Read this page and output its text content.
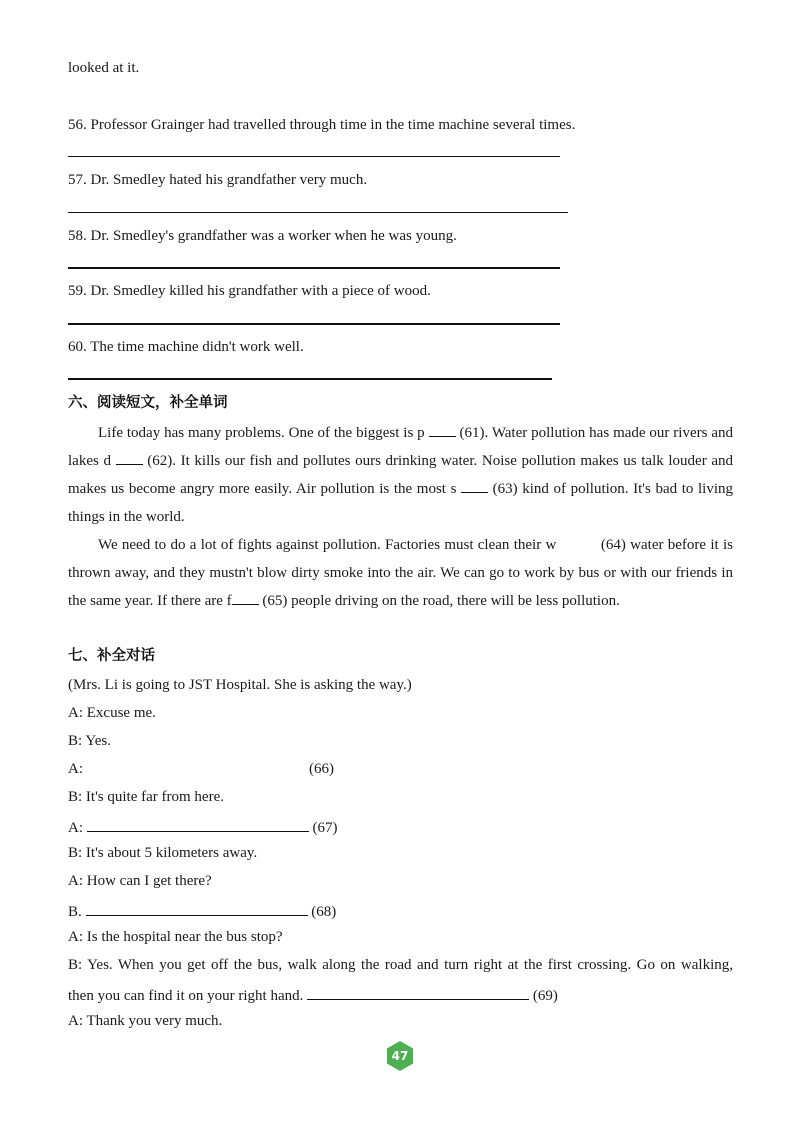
looked at it.
56. Professor Grainger had travelled through time in the time machine several times.
57. Dr. Smedley hated his grandfather very much.
58. Dr. Smedley's grandfather was a worker when he was young.
59. Dr. Smedley killed his grandfather with a piece of wood.
60. The time machine didn't work well.
六、阅读短文，补全单词

Life today has many problems. One of the biggest is p  (61). Water pollution has made our rivers and lakes d  (62). It kills our fish and pollutes ours drinking water. Noise pollution makes us talk louder and makes us become angry more easily. Air pollution is the most s  (63) kind of pollution. It's bad to living things in the world.

We need to do a lot of fights against pollution. Factories must clean their w	(64) water before it is thrown away, and they mustn't blow dirty smoke into the air. We can go to work by bus or with our friends in the same year. If there are f (65) people driving on the road, there will be less pollution.

七、补全对话
(Mrs. Li is going to JST Hospital. She is asking the way.)
A: Excuse me.
B: Yes.
A:	(66)
B: It's quite far from here.
A:	(67)
B: It's about 5 kilometers away.
A: How can I get there?
B.	(68)
A: Is the hospital near the bus stop?
B: Yes. When you get off the bus, walk along the road and turn right at the first crossing. Go on walking,
then you can find it on your right hand.	(69)
A: Thank you very much.
47
